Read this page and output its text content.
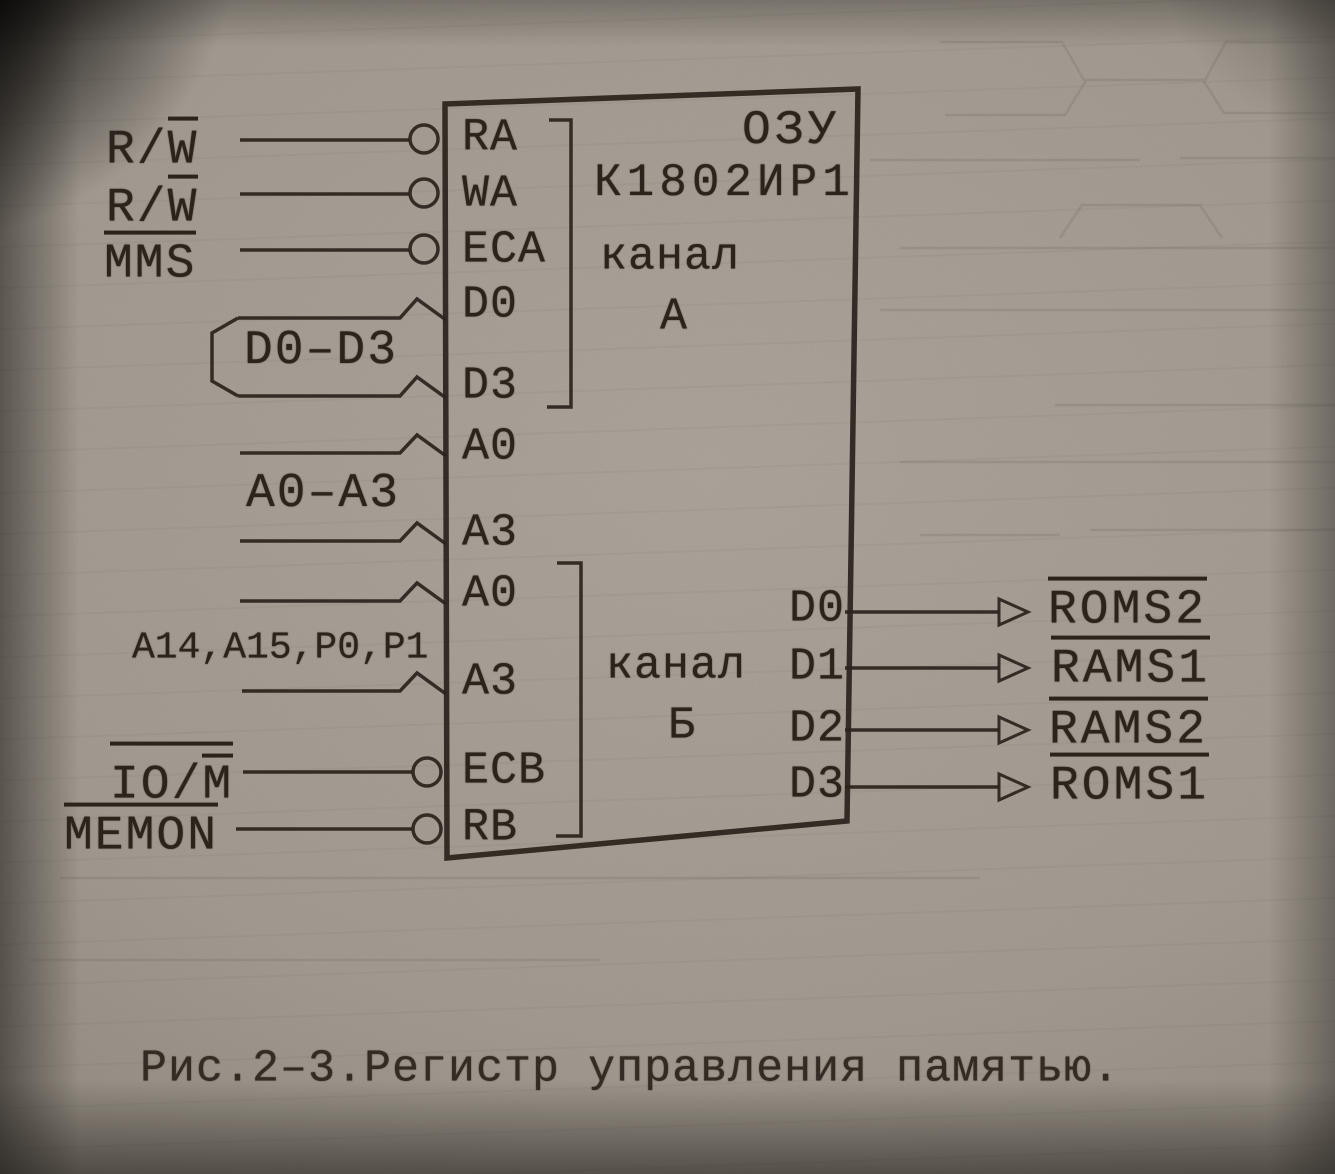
R/W
R/W
MMS
D0–D3
A0–A3
A14,A15,P0,P1
IO/M
MEMON
RA
WA
ECA
D0
D3
A0
A3
A0
A3
ECB
RB
ОЗУ
К1802ИР1
канал
А
канал
Б
D0
D1
D2
D3
ROMS2
RAMS1
RAMS2
ROMS1
Рис.2–3.Регистр управления памятью.
